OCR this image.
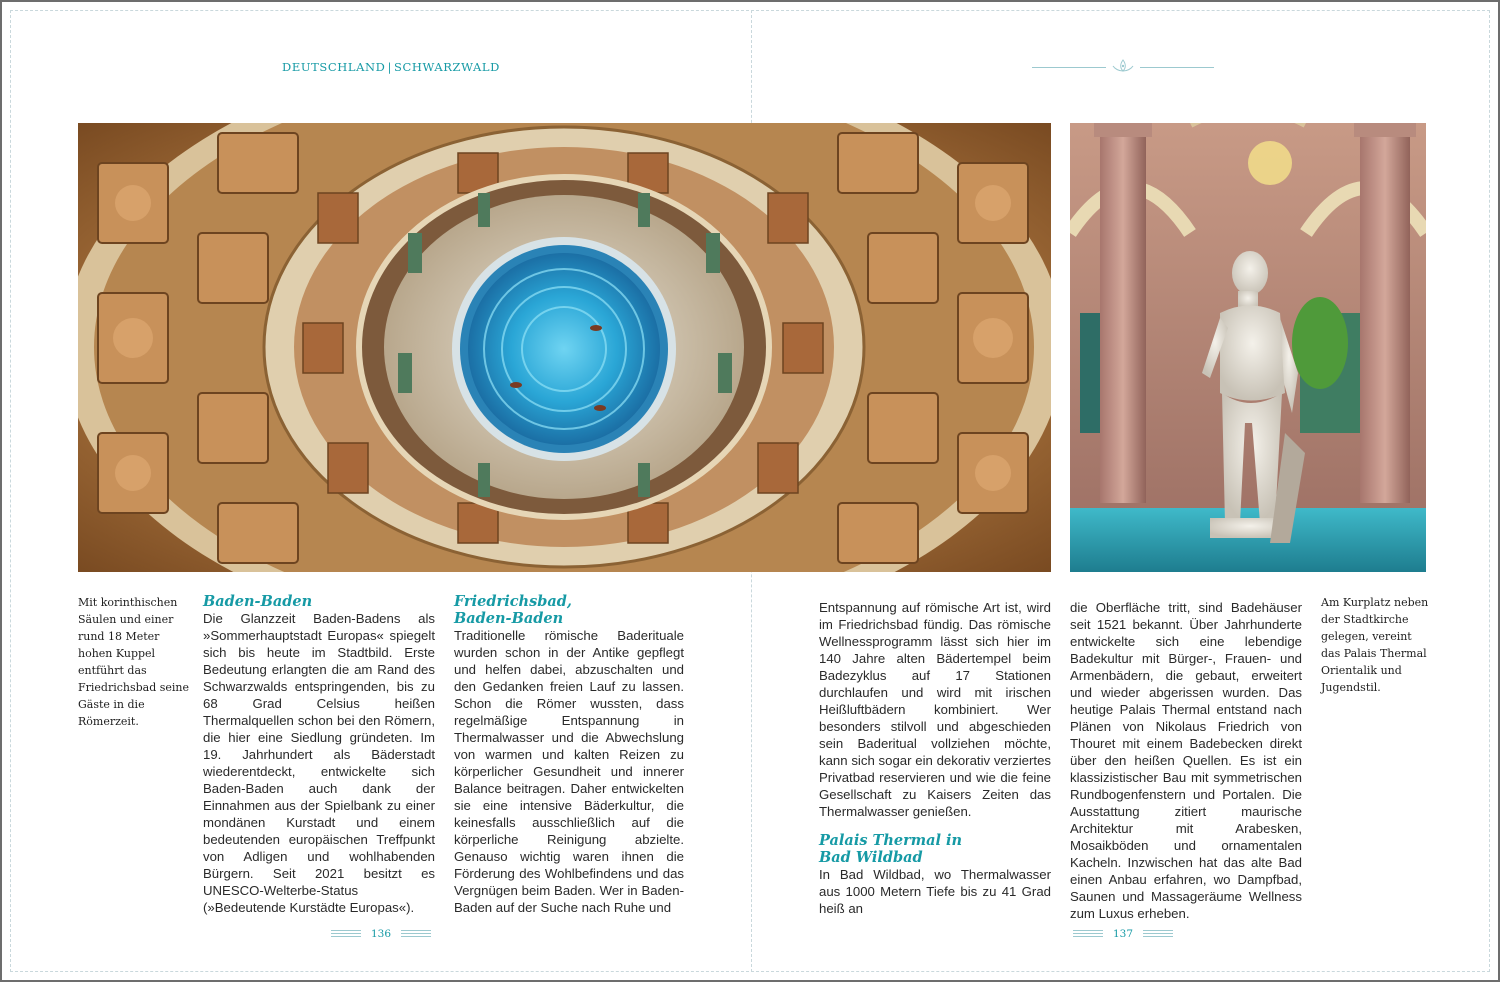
DEUTSCHLAND | SCHWARZWALD
Mit korinthischen Säulen und einer rund 18 Meter hohen Kuppel entführt das Friedrichsbad seine Gäste in die Römerzeit.
Baden-Baden

Die Glanzzeit Baden-Badens als »Sommerhauptstadt Europas« spiegelt sich bis heute im Stadtbild. Erste Bedeutung erlangten die am Rand des Schwarzwalds entspringenden, bis zu 68 Grad Celsius heißen Thermalquellen schon bei den Römern, die hier eine Siedlung gründeten. Im 19. Jahrhundert als Bäderstadt wiederentdeckt, entwickelte sich Baden-Baden auch dank der Einnahmen aus der Spielbank zu einer mondänen Kurstadt und einem bedeutenden europäischen Treffpunkt von Adligen und wohlhabenden Bürgern. Seit 2021 besitzt es UNESCO-Welterbe-Status (»Bedeutende Kurstädte Europas«).

Friedrichsbad,
Baden-Baden

Traditionelle römische Baderituale wurden schon in der Antike gepflegt und helfen dabei, abzuschalten und den Gedanken freien Lauf zu lassen. Schon die Römer wussten, dass regelmäßige Entspannung in Thermalwasser und die Abwechslung von warmen und kalten Reizen zu körperlicher Gesundheit und innerer Balance beitragen. Daher entwickelten sie eine intensive Bäderkultur, die keinesfalls ausschließlich auf die körperliche Reinigung abzielte. Genauso wichtig waren ihnen die Förderung des Wohlbefindens und das Vergnügen beim Baden. Wer in Baden-Baden auf der Suche nach Ruhe und

Entspannung auf römische Art ist, wird im Friedrichsbad fündig. Das römische Wellnessprogramm lässt sich hier im 140 Jahre alten Bädertempel beim Badezyklus auf 17 Stationen durchlaufen und wird mit irischen Heißluftbädern kombiniert. Wer besonders stilvoll und abgeschieden sein Baderitual vollziehen möchte, kann sich sogar ein dekorativ verziertes Privatbad reservieren und wie die feine Gesellschaft zu Kaisers Zeiten das Thermalwasser genießen.

Palais Thermal in
Bad Wildbad

In Bad Wildbad, wo Thermalwasser aus 1000 Metern Tiefe bis zu 41 Grad heiß an

die Oberfläche tritt, sind Badehäuser seit 1521 bekannt. Über Jahrhunderte entwickelte sich eine lebendige Badekultur mit Bürger-, Frauen- und Armenbädern, die gebaut, erweitert und wieder abgerissen wurden. Das heutige Palais Thermal entstand nach Plänen von Nikolaus Friedrich von Thouret mit einem Badebecken direkt über den heißen Quellen. Es ist ein klassizistischer Bau mit symmetrischen Rundbogenfenstern und Portalen. Die Ausstattung zitiert maurische Architektur mit Arabesken, Mosaikböden und ornamentalen Kacheln. Inzwischen hat das alte Bad einen Anbau erfahren, wo Dampfbad, Saunen und Massageräume Wellness zum Luxus erheben.

Am Kurplatz neben der Stadtkirche gelegen, vereint das Palais Thermal Orientalik und Jugendstil.
136	137
